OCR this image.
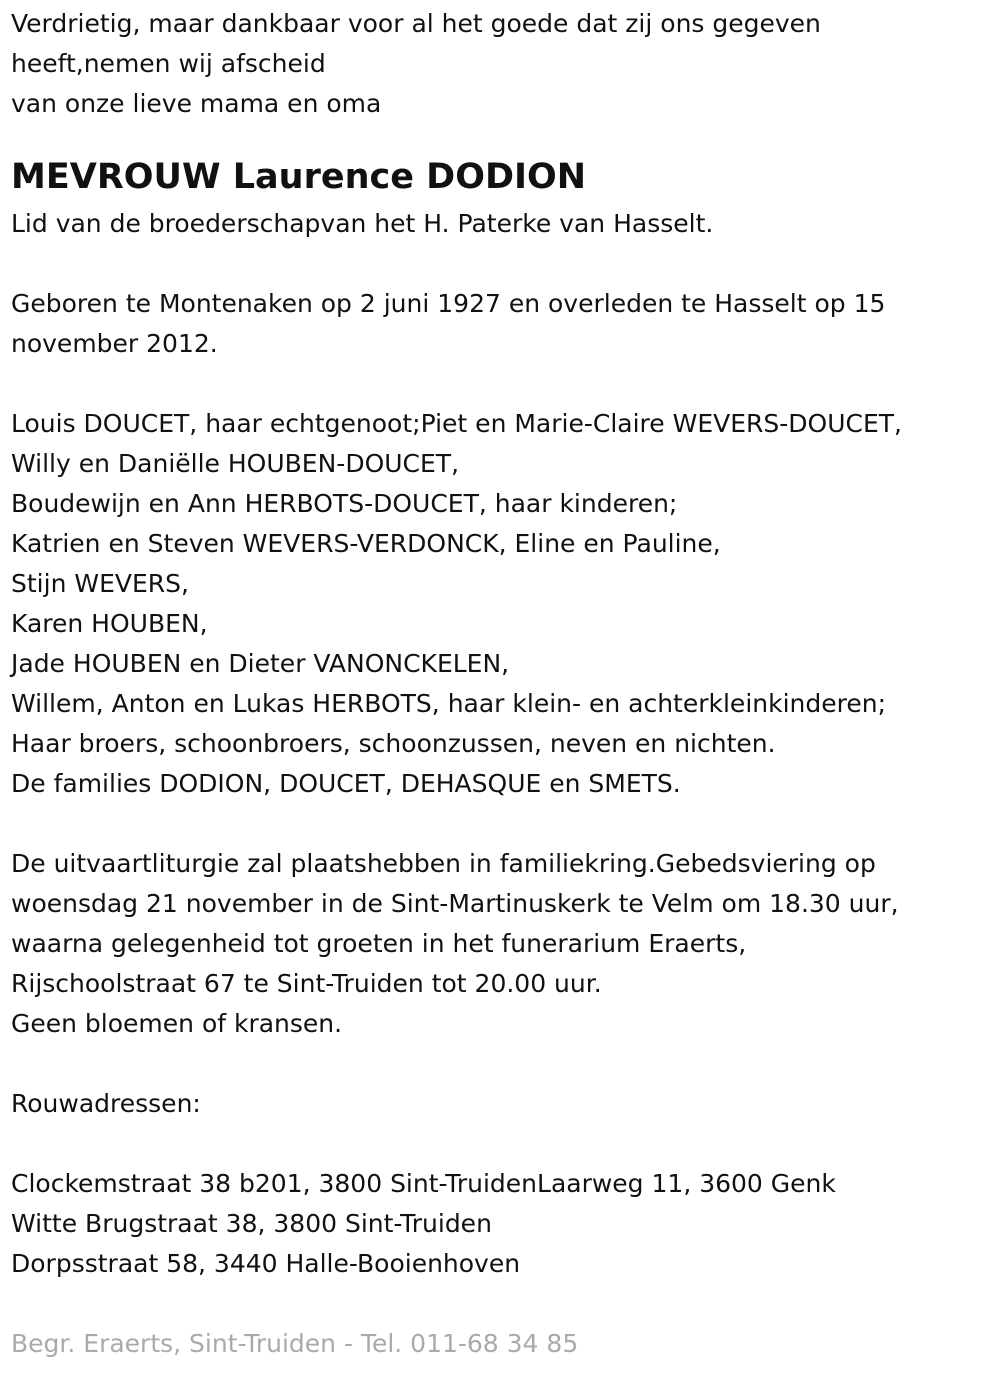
Verdrietig, maar dankbaar voor al het goede dat zij ons gegeven
heeft,nemen wij afscheid
van onze lieve mama en oma
MEVROUW Laurence DODION
Lid van de broederschapvan het H. Paterke van Hasselt.
Geboren te Montenaken op 2 juni 1927 en overleden te Hasselt op 15
november 2012.
Louis DOUCET, haar echtgenoot;Piet en Marie-Claire WEVERS-DOUCET,
Willy en Daniëlle HOUBEN-DOUCET,
Boudewijn en Ann HERBOTS-DOUCET, haar kinderen;
Katrien en Steven WEVERS-VERDONCK, Eline en Pauline,
Stijn WEVERS,
Karen HOUBEN,
Jade HOUBEN en Dieter VANONCKELEN,
Willem, Anton en Lukas HERBOTS, haar klein- en achterkleinkinderen;
Haar broers, schoonbroers, schoonzussen, neven en nichten.
De families DODION, DOUCET, DEHASQUE en SMETS.
De uitvaartliturgie zal plaatshebben in familiekring.Gebedsviering op
woensdag 21 november in de Sint-Martinuskerk te Velm om 18.30 uur,
waarna gelegenheid tot groeten in het funerarium Eraerts,
Rijschoolstraat 67 te Sint-Truiden tot 20.00 uur.
Geen bloemen of kransen.
Rouwadressen:
Clockemstraat 38 b201, 3800 Sint-TruidenLaarweg 11, 3600 Genk
Witte Brugstraat 38, 3800 Sint-Truiden
Dorpsstraat 58, 3440 Halle-Booienhoven
Begr. Eraerts, Sint-Truiden - Tel. 011-68 34 85
